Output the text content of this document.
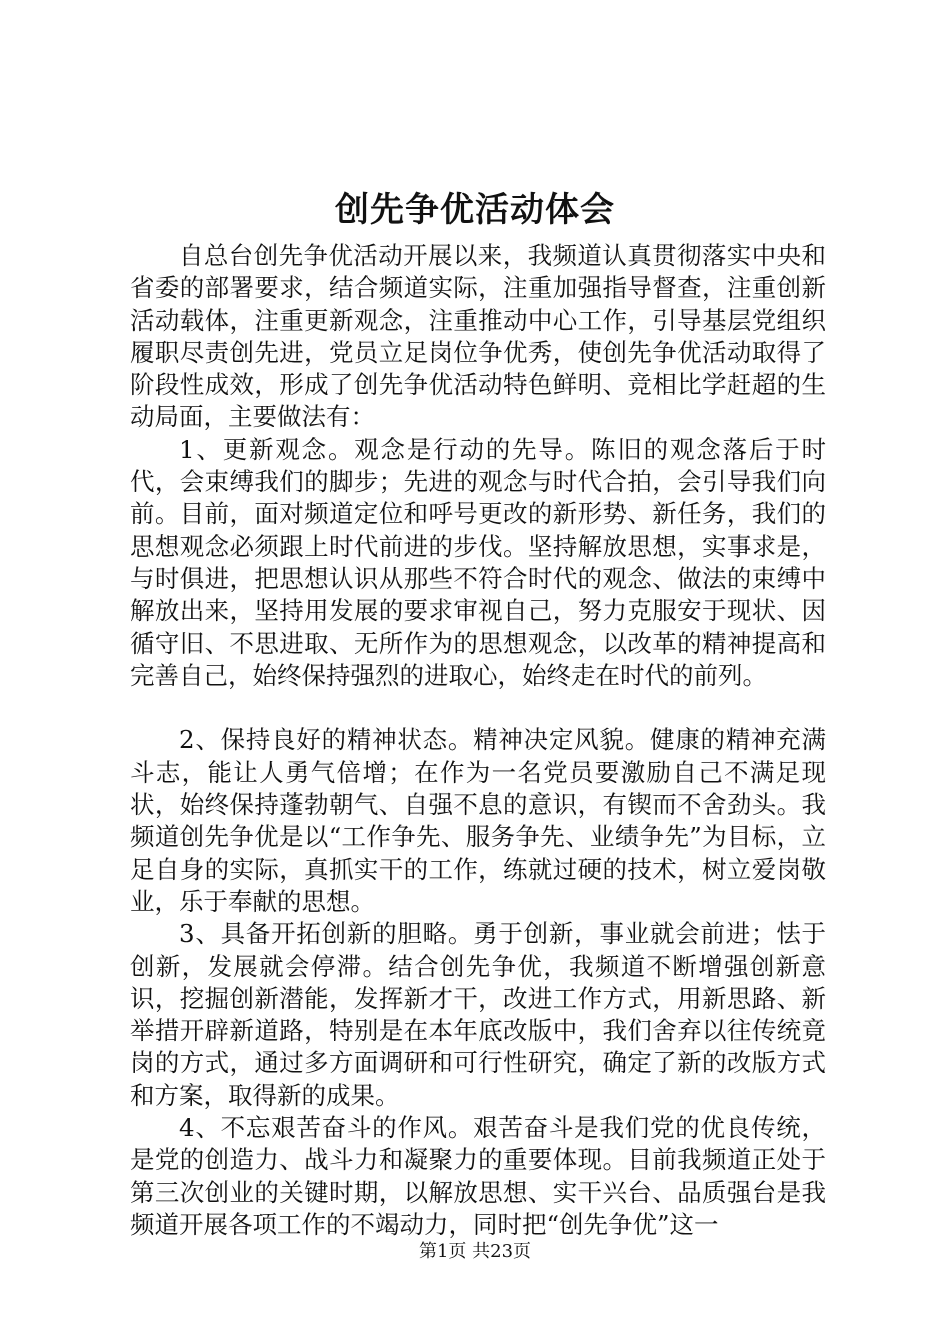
创先争优活动体会

自总台创先争优活动开展以来，我频道认真贯彻落实中央和省委的部署要求，结合频道实际，注重加强指导督查，注重创新活动载体，注重更新观念，注重推动中心工作，引导基层党组织履职尽责创先进，党员立足岗位争优秀，使创先争优活动取得了阶段性成效，形成了创先争优活动特色鲜明、竞相比学赶超的生动局面，主要做法有：

1、更新观念。观念是行动的先导。陈旧的观念落后于时代，会束缚我们的脚步；先进的观念与时代合拍，会引导我们向前。目前，面对频道定位和呼号更改的新形势、新任务，我们的思想观念必须跟上时代前进的步伐。坚持解放思想，实事求是，与时俱进，把思想认识从那些不符合时代的观念、做法的束缚中解放出来，坚持用发展的要求审视自己，努力克服安于现状、因循守旧、不思进取、无所作为的思想观念，以改革的精神提高和完善自己，始终保持强烈的进取心，始终走在时代的前列。

2、保持良好的精神状态。精神决定风貌。健康的精神充满斗志，能让人勇气倍增；在作为一名党员要激励自己不满足现状，始终保持蓬勃朝气、自强不息的意识，有锲而不舍劲头。我频道创先争优是以“工作争先、服务争先、业绩争先”为目标，立足自身的实际，真抓实干的工作，练就过硬的技术，树立爱岗敬业，乐于奉献的思想。

3、具备开拓创新的胆略。勇于创新，事业就会前进；怯于创新，发展就会停滞。结合创先争优，我频道不断增强创新意识，挖掘创新潜能，发挥新才干，改进工作方式，用新思路、新举措开辟新道路，特别是在本年底改版中，我们舍弃以往传统竟岗的方式，通过多方面调研和可行性研究，确定了新的改版方式和方案，取得新的成果。

4、不忘艰苦奋斗的作风。艰苦奋斗是我们党的优良传统，是党的创造力、战斗力和凝聚力的重要体现。目前我频道正处于第三次创业的关键时期，以解放思想、实干兴台、品质强台是我频道开展各项工作的不竭动力，同时把“创先争优”这一

第1页 共23页
